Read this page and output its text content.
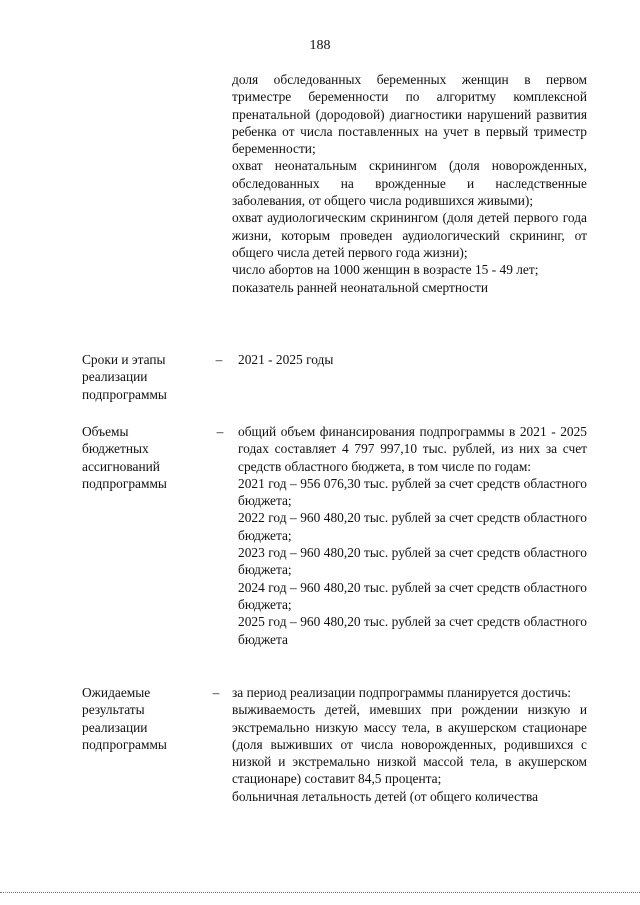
188

доля обследованных беременных женщин в первом триместре беременности по алгоритму комплексной пренатальной (дородовой) диагностики нарушений развития ребенка от числа поставленных на учет в первый триместр беременности;

охват неонатальным скринингом (доля новорожденных, обследованных на врожденные и наследственные заболевания, от общего числа родившихся живыми);

охват аудиологическим скринингом (доля детей первого года жизни, которым проведен аудиологический скрининг, от общего числа детей первого года жизни);

число абортов на 1000 женщин в возрасте 15 - 49 лет;

показатель ранней неонатальной смертности

Сроки и этапы
реализации
подпрограммы
– 2021 - 2025 годы

Объемы
бюджетных
ассигнований
подпрограммы
– общий объем финансирования подпрограммы в 2021 - 2025 годах составляет 4 797 997,10 тыс. рублей, из них за счет средств областного бюджета, в том числе по годам:

2021 год – 956 076,30 тыс. рублей за счет средств областного бюджета;

2022 год – 960 480,20 тыс. рублей за счет средств областного бюджета;

2023 год – 960 480,20 тыс. рублей за счет средств областного бюджета;

2024 год – 960 480,20 тыс. рублей за счет средств областного бюджета;

2025 год – 960 480,20 тыс. рублей за счет средств областного бюджета

Ожидаемые
результаты
реализации
подпрограммы
– за период реализации подпрограммы планируется достичь:

выживаемость детей, имевших при рождении низкую и экстремально низкую массу тела, в акушерском стационаре (доля выживших от числа новорожденных, родившихся с низкой и экстремально низкой массой тела, в акушерском стационаре) составит 84,5 процента;

больничная летальность детей (от общего количества
